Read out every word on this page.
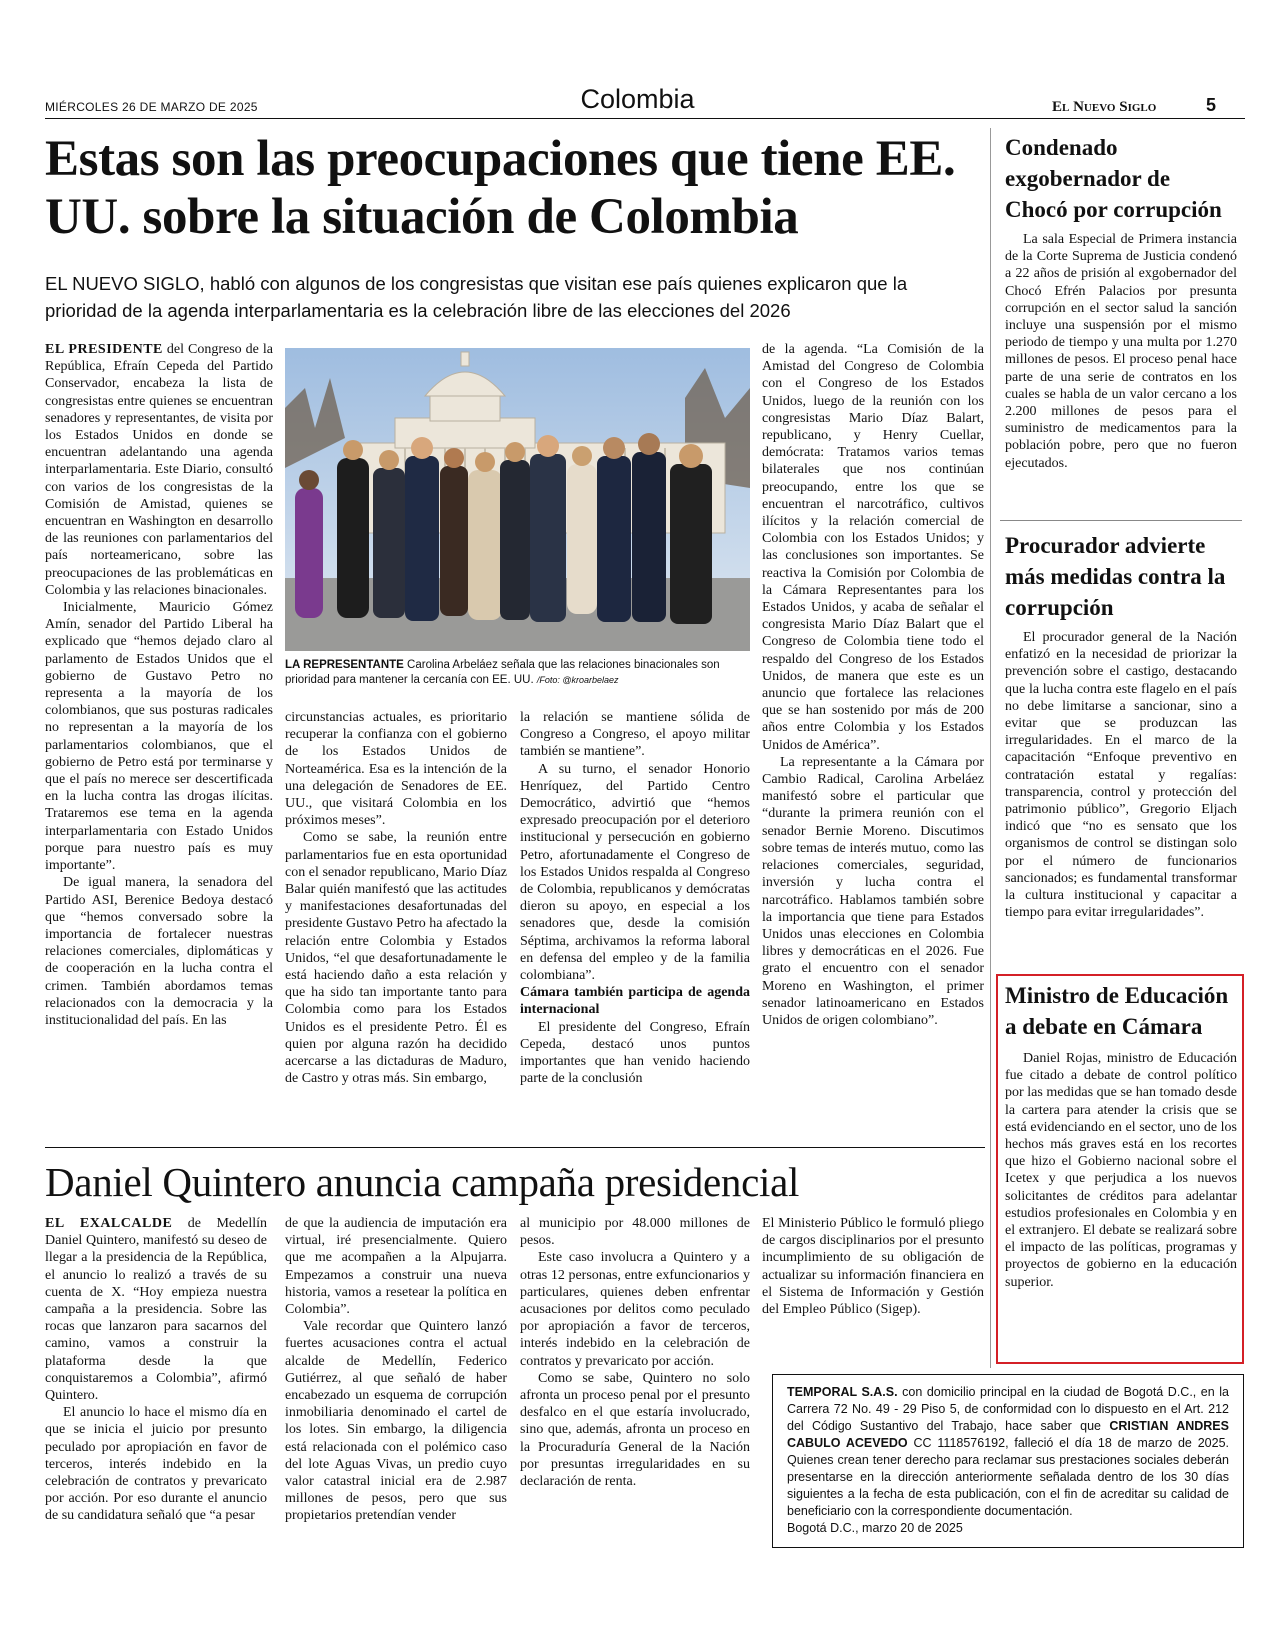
MIÉRCOLES 26 DE MARZO DE 2025	Colombia	El Nuevo Siglo	5
Estas son las preocupaciones que tiene EE. UU. sobre la situación de Colombia

EL NUEVO SIGLO, habló con algunos de los congresistas que visitan ese país quienes explicaron que la prioridad de la agenda interparlamentaria es la celebración libre de las elecciones del 2026

EL PRESIDENTE del Congreso de la República, Efraín Cepeda del Partido Conservador, encabeza la lista de congresistas entre quienes se encuentran senadores y representantes, de visita por los Estados Unidos en donde se encuentran adelantando una agenda interparlamentaria. Este Diario, consultó con varios de los congresistas de la Comisión de Amistad, quienes se encuentran en Washington en desarrollo de las reuniones con parlamentarios del país norteamericano, sobre las preocupaciones de las problemáticas en Colombia y las relaciones binacionales.

Inicialmente, Mauricio Gómez Amín, senador del Partido Liberal ha explicado que “hemos dejado claro al parlamento de Estados Unidos que el gobierno de Gustavo Petro no representa a la mayoría de los colombianos, que sus posturas radicales no representan a la mayoría de los parlamentarios colombianos, que el gobierno de Petro está por terminarse y que el país no merece ser descertificada en la lucha contra las drogas ilícitas. Trataremos ese tema en la agenda interparlamentaria con Estado Unidos porque para nuestro país es muy importante”.

De igual manera, la senadora del Partido ASI, Berenice Bedoya destacó que “hemos conversado sobre la importancia de fortalecer nuestras relaciones comerciales, diplomáticas y de cooperación en la lucha contra el crimen. También abordamos temas relacionados con la democracia y la institucionalidad del país. En las

LA REPRESENTANTE Carolina Arbeláez señala que las relaciones binacionales son prioridad para mantener la cercanía con EE. UU. /Foto: @kroarbelaez

circunstancias actuales, es prioritario recuperar la confianza con el gobierno de los Estados Unidos de Norteamérica. Esa es la intención de la una delegación de Senadores de EE. UU., que visitará Colombia en los próximos meses”.

Como se sabe, la reunión entre parlamentarios fue en esta oportunidad con el senador republicano, Mario Díaz Balar quién manifestó que las actitudes y manifestaciones desafortunadas del presidente Gustavo Petro ha afectado la relación entre Colombia y Estados Unidos, “el que desafortunadamente le está haciendo daño a esta relación y que ha sido tan importante tanto para Colombia como para los Estados Unidos es el presidente Petro. Él es quien por alguna razón ha decidido acercarse a las dictaduras de Maduro, de Castro y otras más. Sin embargo,

la relación se mantiene sólida de Congreso a Congreso, el apoyo militar también se mantiene”.

A su turno, el senador Honorio Henríquez, del Partido Centro Democrático, advirtió que “hemos expresado preocupación por el deterioro institucional y persecución en gobierno Petro, afortunadamente el Congreso de los Estados Unidos respalda al Congreso de Colombia, republicanos y demócratas dieron su apoyo, en especial a los senadores que, desde la comisión Séptima, archivamos la reforma laboral en defensa del empleo y de la familia colombiana”.

Cámara también participa de agenda internacional

El presidente del Congreso, Efraín Cepeda, destacó unos puntos importantes que han venido haciendo parte de la conclusión

de la agenda. “La Comisión de la Amistad del Congreso de Colombia con el Congreso de los Estados Unidos, luego de la reunión con los congresistas Mario Díaz Balart, republicano, y Henry Cuellar, demócrata: Tratamos varios temas bilaterales que nos continúan preocupando, entre los que se encuentran el narcotráfico, cultivos ilícitos y la relación comercial de Colombia con los Estados Unidos; y las conclusiones son importantes. Se reactiva la Comisión por Colombia de la Cámara Representantes para los Estados Unidos, y acaba de señalar el congresista Mario Díaz Balart que el Congreso de Colombia tiene todo el respaldo del Congreso de los Estados Unidos, de manera que este es un anuncio que fortalece las relaciones que se han sostenido por más de 200 años entre Colombia y los Estados Unidos de América”.

La representante a la Cámara por Cambio Radical, Carolina Arbeláez manifestó sobre el particular que “durante la primera reunión con el senador Bernie Moreno. Discutimos sobre temas de interés mutuo, como las relaciones comerciales, seguridad, inversión y lucha contra el narcotráfico. Hablamos también sobre la importancia que tiene para Estados Unidos unas elecciones en Colombia libres y democráticas en el 2026. Fue grato el encuentro con el senador Moreno en Washington, el primer senador latinoamericano en Estados Unidos de origen colombiano”.

Daniel Quintero anuncia campaña presidencial

EL EXALCALDE de Medellín Daniel Quintero, manifestó su deseo de llegar a la presidencia de la República, el anuncio lo realizó a través de su cuenta de X. “Hoy empieza nuestra campaña a la presidencia. Sobre las rocas que lanzaron para sacarnos del camino, vamos a construir la plataforma desde la que conquistaremos a Colombia”, afirmó Quintero.

El anuncio lo hace el mismo día en que se inicia el juicio por presunto peculado por apropiación en favor de terceros, interés indebido en la celebración de contratos y prevaricato por acción. Por eso durante el anuncio de su candidatura señaló que “a pesar

de que la audiencia de imputación era virtual, iré presencialmente. Quiero que me acompañen a la Alpujarra. Empezamos a construir una nueva historia, vamos a resetear la política en Colombia”.

Vale recordar que Quintero lanzó fuertes acusaciones contra el actual alcalde de Medellín, Federico Gutiérrez, al que señaló de haber encabezado un esquema de corrupción inmobiliaria denominado el cartel de los lotes. Sin embargo, la diligencia está relacionada con el polémico caso del lote Aguas Vivas, un predio cuyo valor catastral inicial era de 2.987 millones de pesos, pero que sus propietarios pretendían vender

al municipio por 48.000 millones de pesos.

Este caso involucra a Quintero y a otras 12 personas, entre exfuncionarios y particulares, quienes deben enfrentar acusaciones por delitos como peculado por apropiación a favor de terceros, interés indebido en la celebración de contratos y prevaricato por acción.

Como se sabe, Quintero no solo afronta un proceso penal por el presunto desfalco en el que estaría involucrado, sino que, además, afronta un proceso en la Procuraduría General de la Nación por presuntas irregularidades en su declaración de renta.

El Ministerio Público le formuló pliego de cargos disciplinarios por el presunto incumplimiento de su obligación de actualizar su información financiera en el Sistema de Información y Gestión del Empleo Público (Sigep).

Condenado exgobernador de Chocó por corrupción

La sala Especial de Primera instancia de la Corte Suprema de Justicia condenó a 22 años de prisión al exgobernador del Chocó Efrén Palacios por presunta corrupción en el sector salud la sanción incluye una suspensión por el mismo periodo de tiempo y una multa por 1.270 millones de pesos. El proceso penal hace parte de una serie de contratos en los cuales se habla de un valor cercano a los 2.200 millones de pesos para el suministro de medicamentos para la población pobre, pero que no fueron ejecutados.

Procurador advierte más medidas contra la corrupción

El procurador general de la Nación enfatizó en la necesidad de priorizar la prevención sobre el castigo, destacando que la lucha contra este flagelo en el país no debe limitarse a sancionar, sino a evitar que se produzcan las irregularidades. En el marco de la capacitación “Enfoque preventivo en contratación estatal y regalías: transparencia, control y protección del patrimonio público”, Gregorio Eljach indicó que “no es sensato que los organismos de control se distingan solo por el número de funcionarios sancionados; es fundamental transformar la cultura institucional y capacitar a tiempo para evitar irregularidades”.

Ministro de Educación a debate en Cámara

Daniel Rojas, ministro de Educación fue citado a debate de control político por las medidas que se han tomado desde la cartera para atender la crisis que se está evidenciando en el sector, uno de los hechos más graves está en los recortes que hizo el Gobierno nacional sobre el Icetex y que perjudica a los nuevos solicitantes de créditos para adelantar estudios profesionales en Colombia y en el extranjero. El debate se realizará sobre el impacto de las políticas, programas y proyectos de gobierno en la educación superior.

TEMPORAL S.A.S. con domicilio principal en la ciudad de Bogotá D.C., en la Carrera 72 No. 49 - 29 Piso 5, de conformidad con lo dispuesto en el Art. 212 del Código Sustantivo del Trabajo, hace saber que CRISTIAN ANDRES CABULO ACEVEDO CC 1118576192, falleció el día 18 de marzo de 2025. Quienes crean tener derecho para reclamar sus prestaciones sociales deberán presentarse en la dirección anteriormente señalada dentro de los 30 días siguientes a la fecha de esta publicación, con el fin de acreditar su calidad de beneficiario con la correspondiente documentación.
Bogotá D.C., marzo 20 de 2025
